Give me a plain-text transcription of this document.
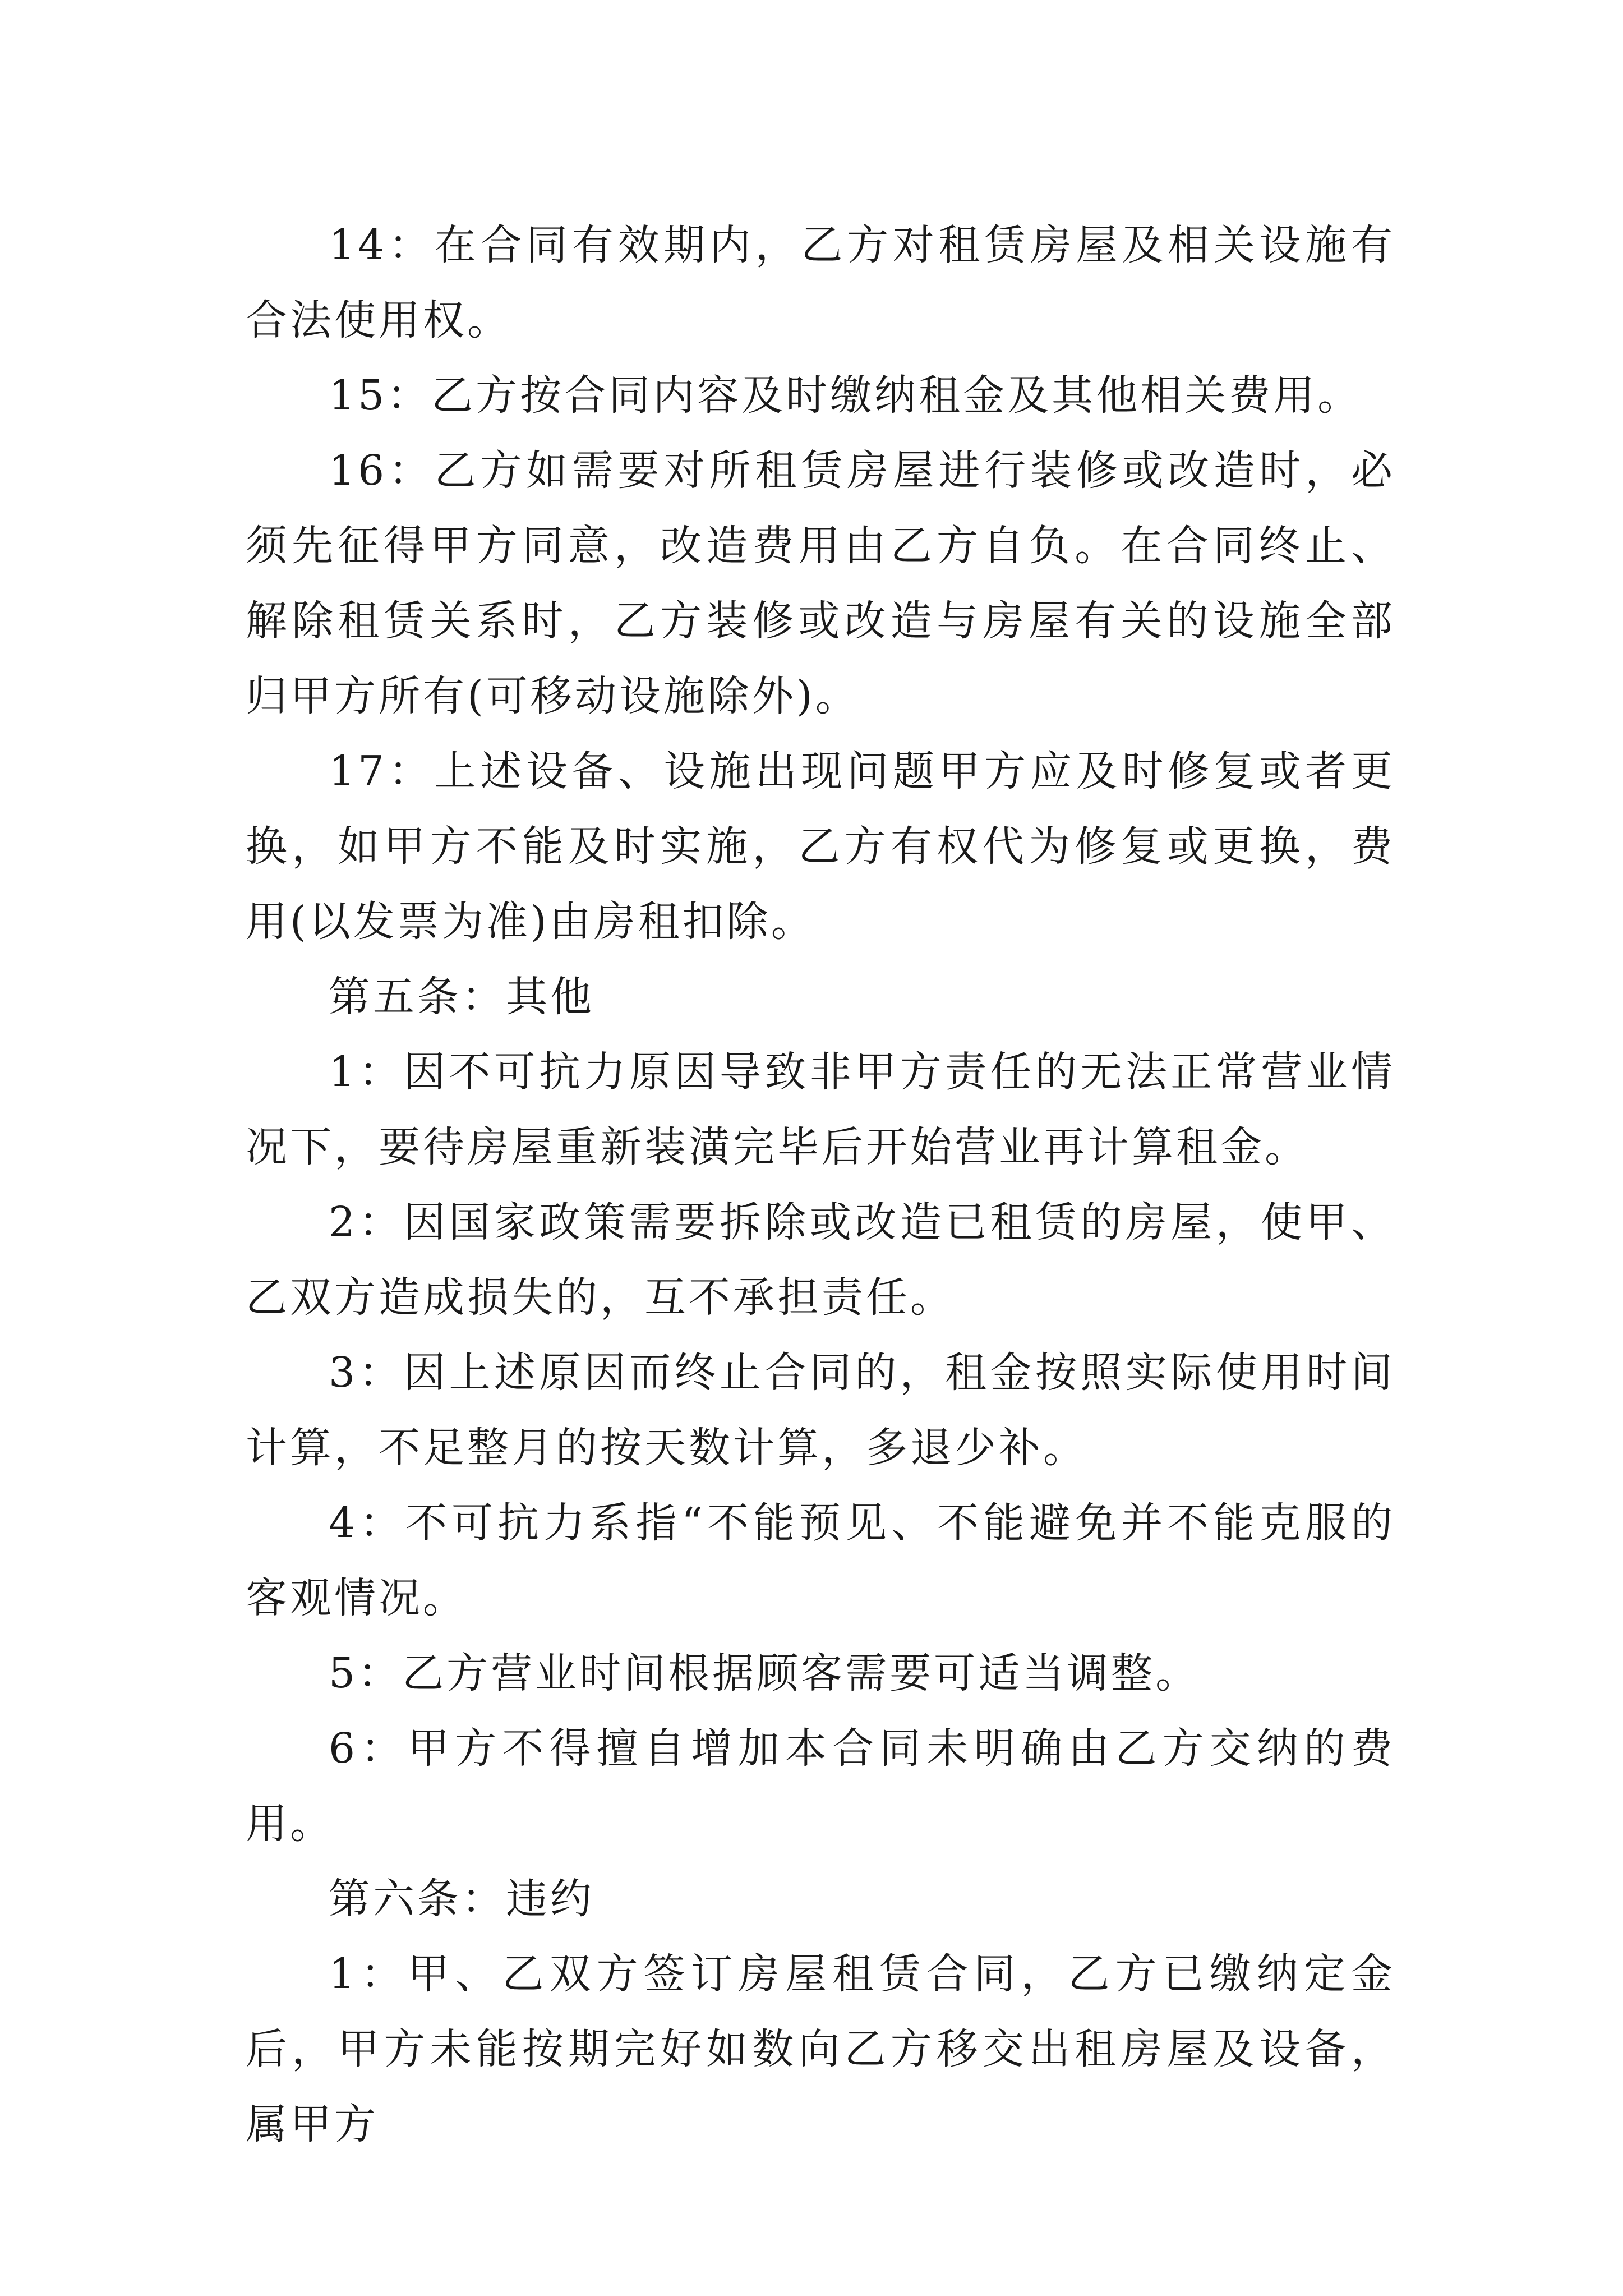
14：在合同有效期内，乙方对租赁房屋及相关设施有合法使用权。

15：乙方按合同内容及时缴纳租金及其他相关费用。

16：乙方如需要对所租赁房屋进行装修或改造时，必须先征得甲方同意，改造费用由乙方自负。在合同终止、解除租赁关系时，乙方装修或改造与房屋有关的设施全部归甲方所有(可移动设施除外)。

17：上述设备、设施出现问题甲方应及时修复或者更换，如甲方不能及时实施，乙方有权代为修复或更换，费用(以发票为准)由房租扣除。

第五条：其他

1：因不可抗力原因导致非甲方责任的无法正常营业情况下，要待房屋重新装潢完毕后开始营业再计算租金。

2：因国家政策需要拆除或改造已租赁的房屋，使甲、乙双方造成损失的，互不承担责任。

3：因上述原因而终止合同的，租金按照实际使用时间计算，不足整月的按天数计算，多退少补。

4：不可抗力系指“不能预见、不能避免并不能克服的客观情况。

5：乙方营业时间根据顾客需要可适当调整。

6：甲方不得擅自增加本合同未明确由乙方交纳的费用。

第六条：违约

1：甲、乙双方签订房屋租赁合同，乙方已缴纳定金后，甲方未能按期完好如数向乙方移交出租房屋及设备，属甲方
